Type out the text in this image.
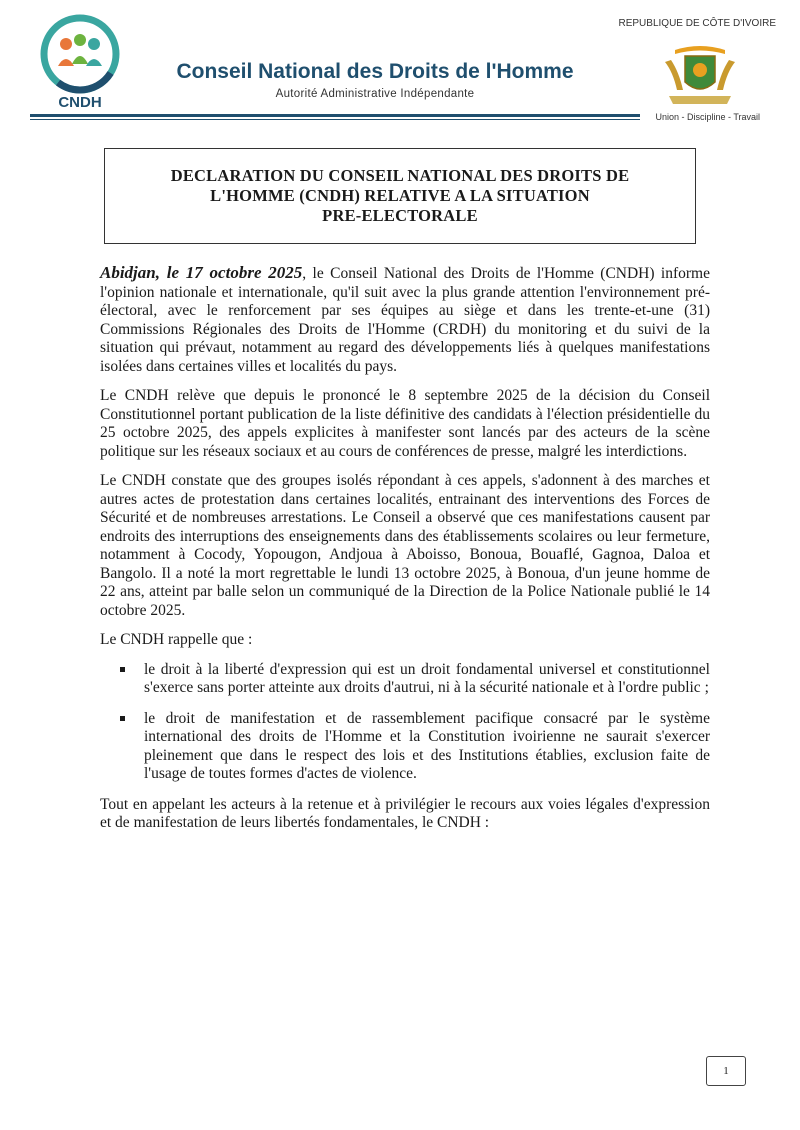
CNDH
Conseil National des Droits de l'Homme
Autorité Administrative Indépendante
REPUBLIQUE DE CÔTE D'IVOIRE
Union - Discipline - Travail

DECLARATION DU CONSEIL NATIONAL DES DROITS DE
L'HOMME (CNDH) RELATIVE A LA SITUATION
PRE-ELECTORALE

Abidjan, le 17 octobre 2025, le Conseil National des Droits de l'Homme (CNDH) informe l'opinion nationale et internationale, qu'il suit avec la plus grande attention l'environnement pré-électoral, avec le renforcement par ses équipes au siège et dans les trente-et-une (31) Commissions Régionales des Droits de l'Homme (CRDH) du monitoring et du suivi de la situation qui prévaut, notamment au regard des développements liés à quelques manifestations isolées dans certaines villes et localités du pays.

Le CNDH relève que depuis le prononcé le 8 septembre 2025 de la décision du Conseil Constitutionnel portant publication de la liste définitive des candidats à l'élection présidentielle du 25 octobre 2025, des appels explicites à manifester sont lancés par des acteurs de la scène politique sur les réseaux sociaux et au cours de conférences de presse, malgré les interdictions.

Le CNDH constate que des groupes isolés répondant à ces appels, s'adonnent à des marches et autres actes de protestation dans certaines localités, entrainant des interventions des Forces de Sécurité et de nombreuses arrestations. Le Conseil a observé que ces manifestations causent par endroits des interruptions des enseignements dans des établissements scolaires ou leur fermeture, notamment à Cocody, Yopougon, Andjoua à Aboisso, Bonoua, Bouaflé, Gagnoa, Daloa et Bangolo. Il a noté la mort regrettable le lundi 13 octobre 2025, à Bonoua, d'un jeune homme de 22 ans, atteint par balle selon un communiqué de la Direction de la Police Nationale publié le 14 octobre 2025.

Le CNDH rappelle que :

le droit à la liberté d'expression qui est un droit fondamental universel et constitutionnel s'exerce sans porter atteinte aux droits d'autrui, ni à la sécurité nationale et à l'ordre public ;
le droit de manifestation et de rassemblement pacifique consacré par le système international des droits de l'Homme et la Constitution ivoirienne ne saurait s'exercer pleinement que dans le respect des lois et des Institutions établies, exclusion faite de l'usage de toutes formes d'actes de violence.

Tout en appelant les acteurs à la retenue et à privilégier le recours aux voies légales d'expression et de manifestation de leurs libertés fondamentales, le CNDH :

1
